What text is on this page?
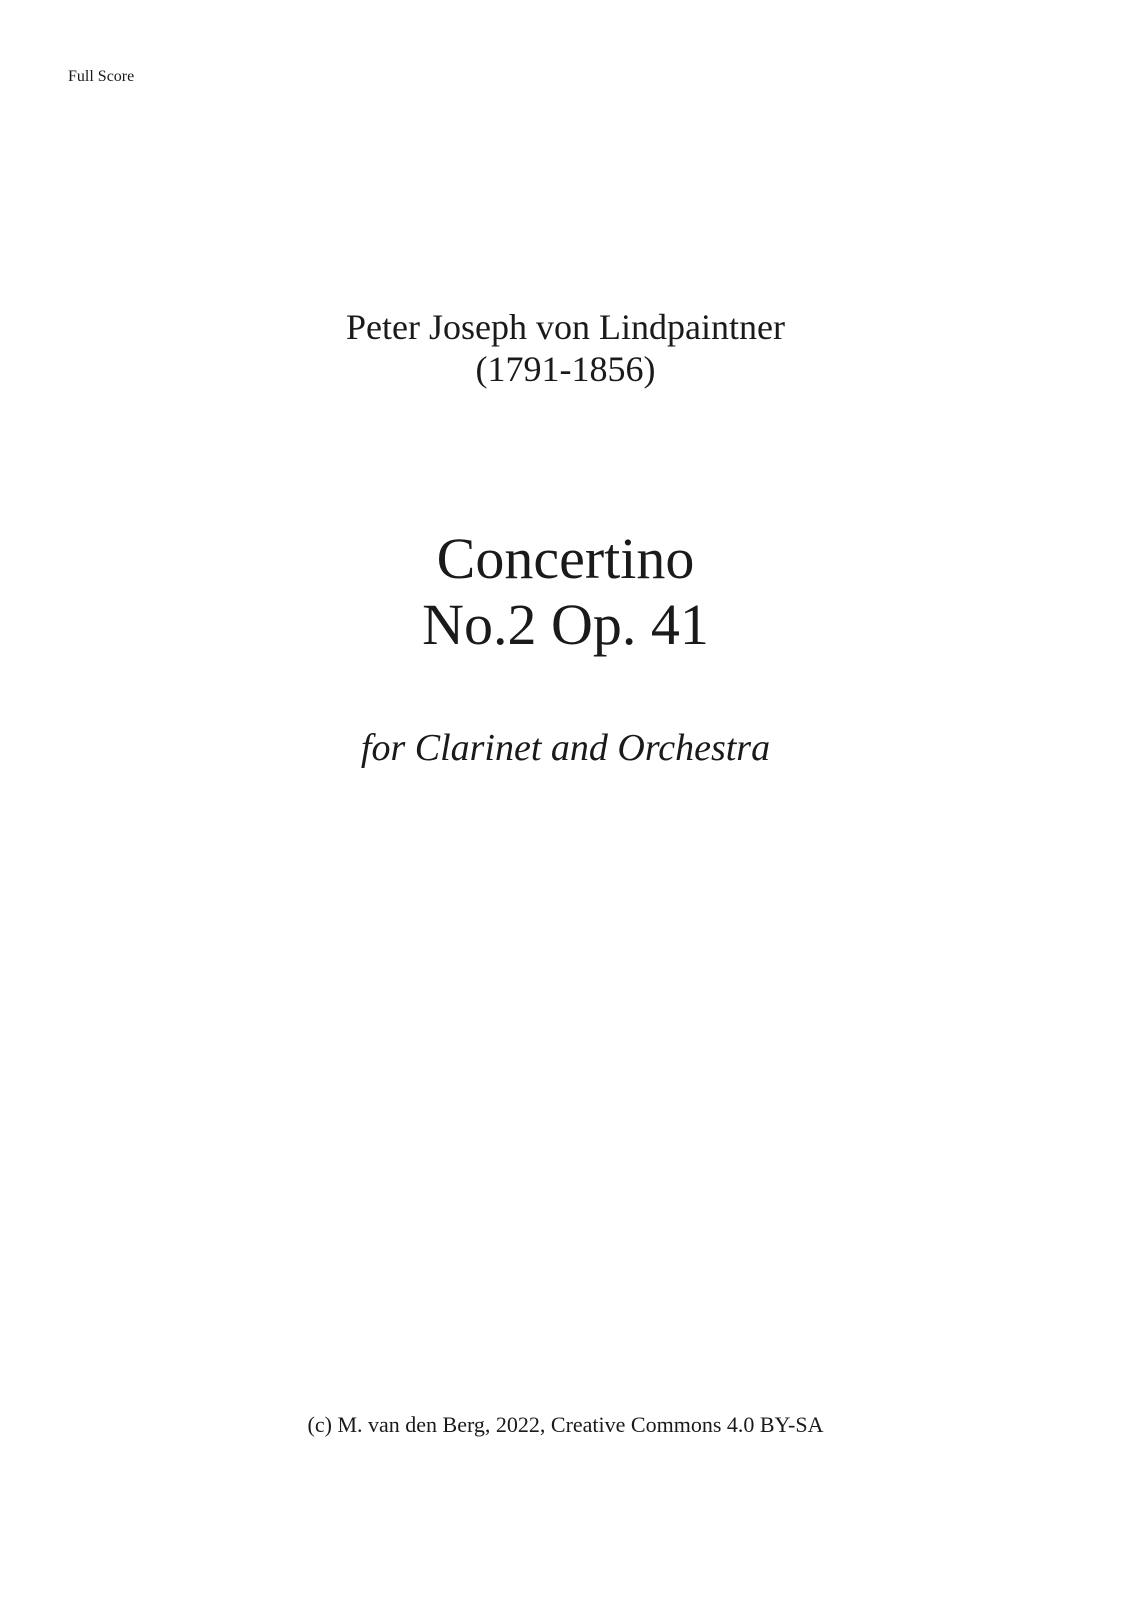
Full Score
Peter Joseph von Lindpaintner
(1791-1856)
Concertino
No.2 Op. 41
for Clarinet and Orchestra
(c) M. van den Berg, 2022, Creative Commons 4.0 BY-SA
